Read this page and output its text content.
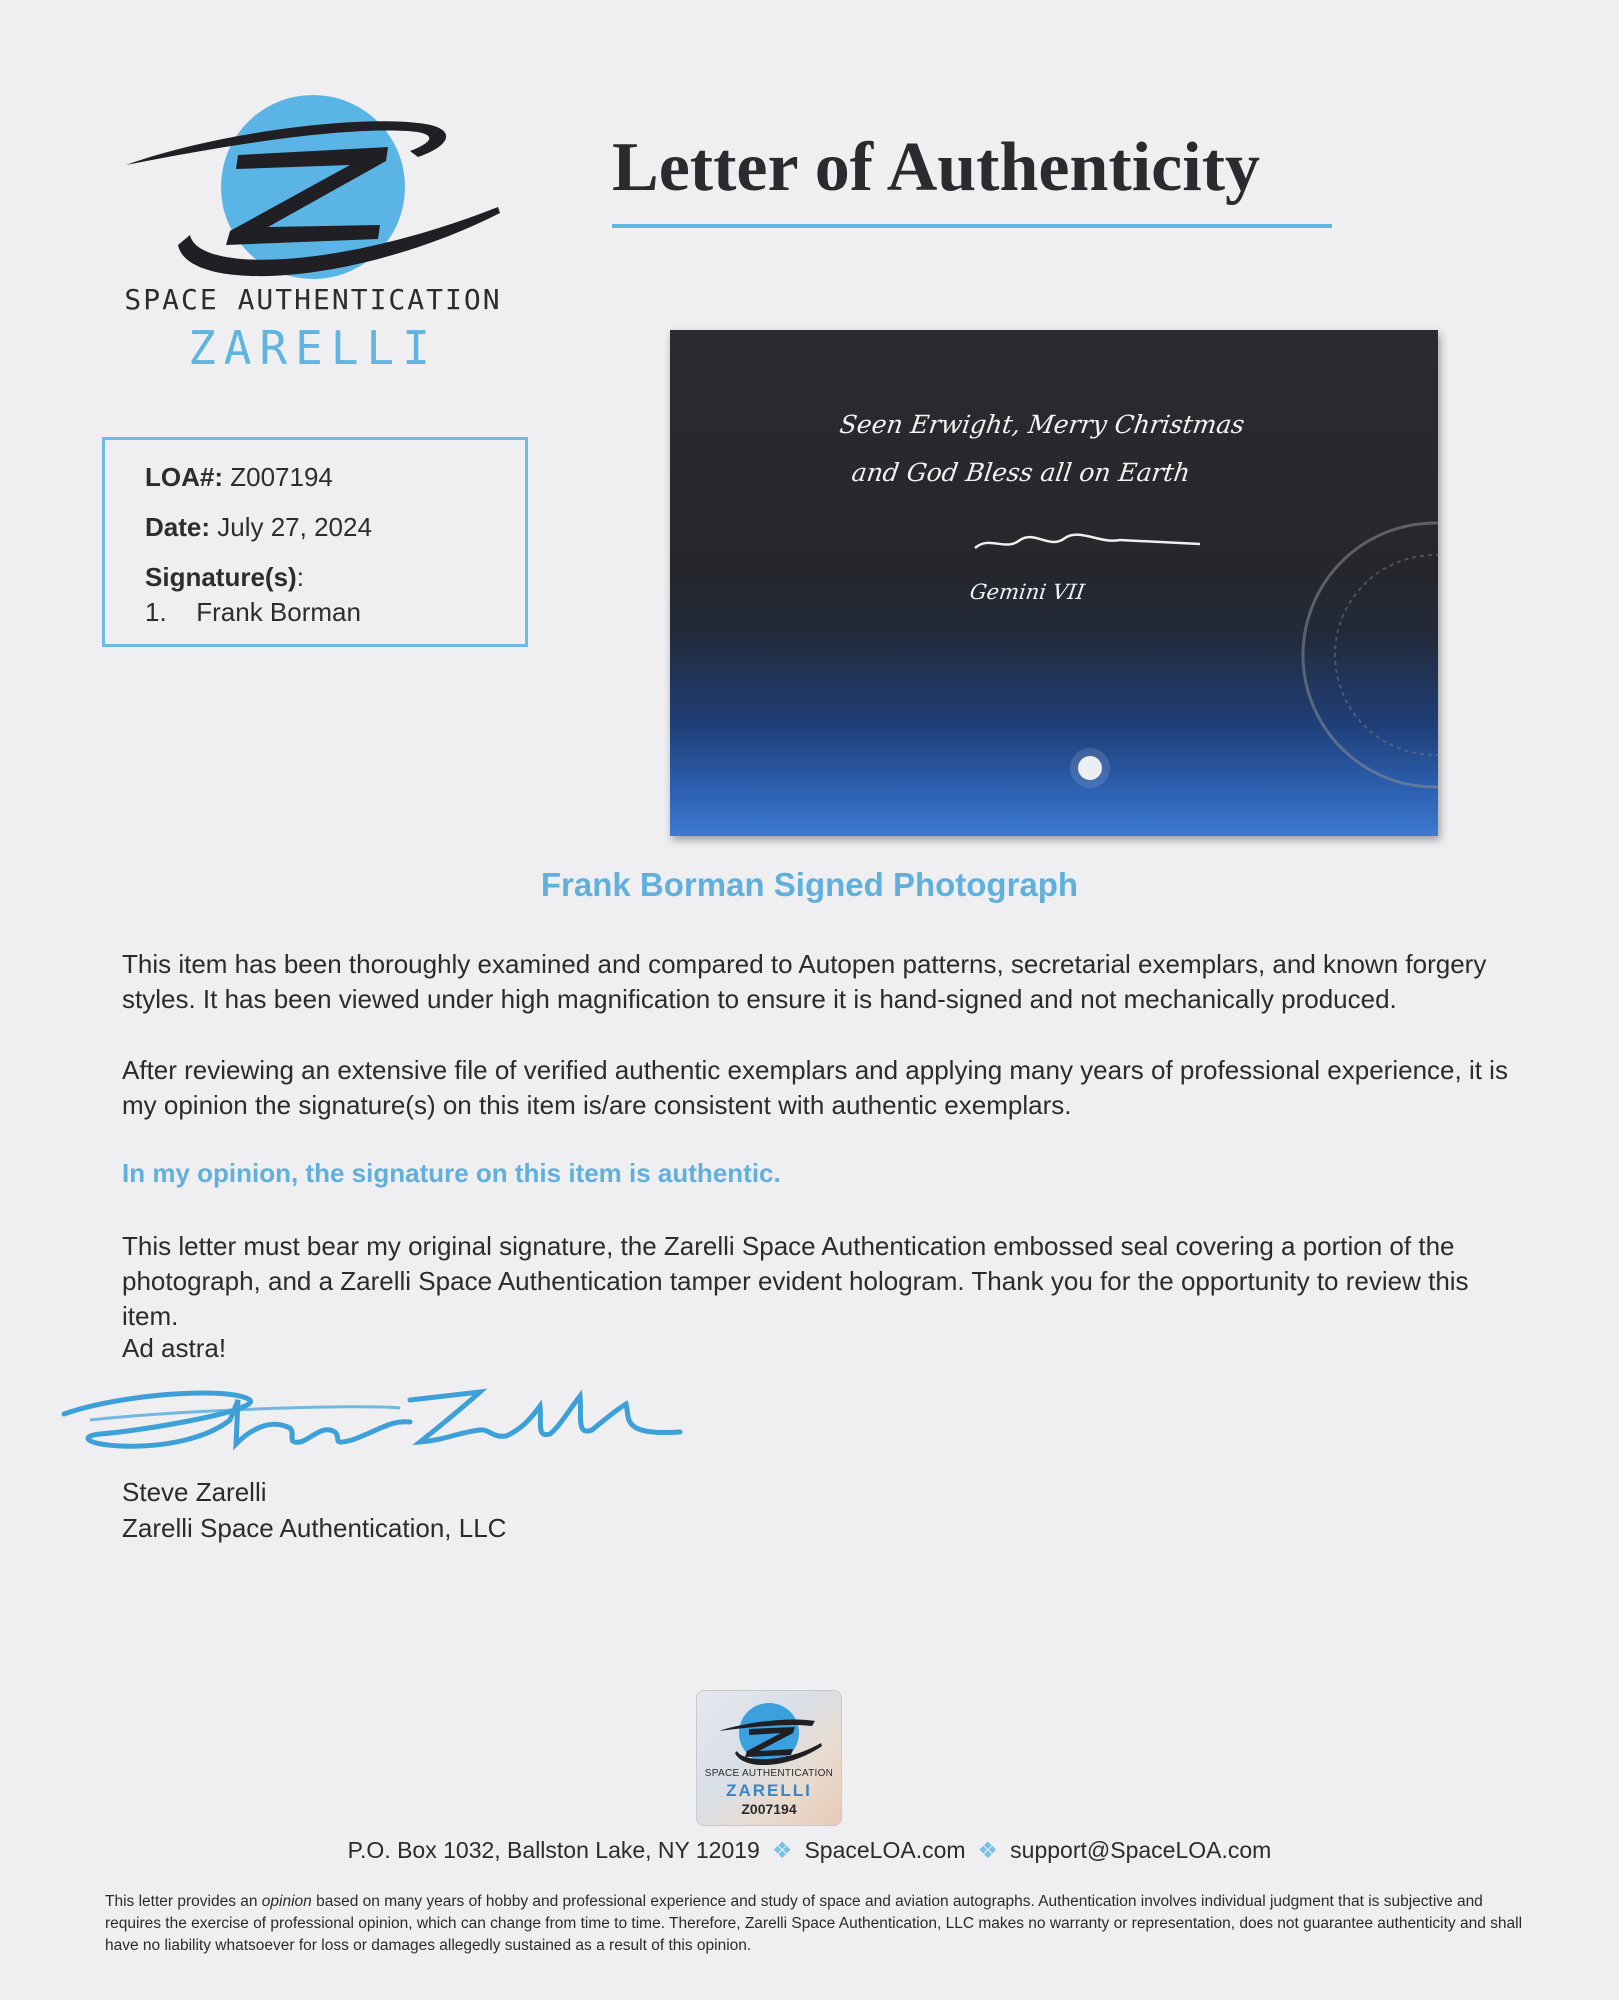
SPACE AUTHENTICATION
ZARELLI
Letter of Authenticity
LOA#: Z007194
Date: July 27, 2024
Signature(s):
1. Frank Borman
Seen Erwight, Merry Christmas
and God Bless all on Earth
Gemini VII
Frank Borman Signed Photograph
This item has been thoroughly examined and compared to Autopen patterns, secretarial exemplars, and known forgery styles. It has been viewed under high magnification to ensure it is hand-signed and not mechanically produced.
After reviewing an extensive file of verified authentic exemplars and applying many years of professional experience, it is my opinion the signature(s) on this item is/are consistent with authentic exemplars.
In my opinion, the signature on this item is authentic.
This letter must bear my original signature, the Zarelli Space Authentication embossed seal covering a portion of the photograph, and a Zarelli Space Authentication tamper evident hologram. Thank you for the opportunity to review this item.
Ad astra!
Steve Zarelli
Zarelli Space Authentication, LLC
SPACE AUTHENTICATION
ZARELLI
Z007194
P.O. Box 1032, Ballston Lake, NY 12019 ❖ SpaceLOA.com ❖ support@SpaceLOA.com
This letter provides an opinion based on many years of hobby and professional experience and study of space and aviation autographs. Authentication involves individual judgment that is subjective and requires the exercise of professional opinion, which can change from time to time. Therefore, Zarelli Space Authentication, LLC makes no warranty or representation, does not guarantee authenticity and shall have no liability whatsoever for loss or damages allegedly sustained as a result of this opinion.
